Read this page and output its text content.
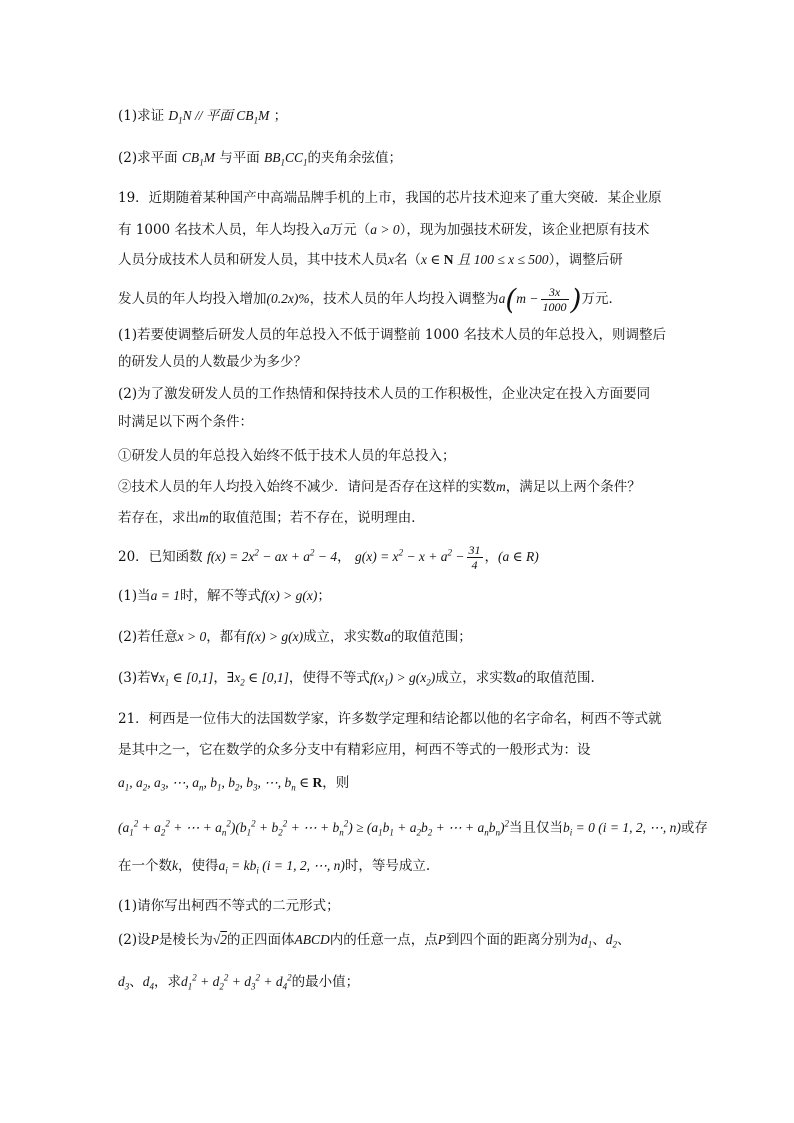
(1)求证 $D_1N$ // 平面 $CB_1M$ ；
(2)求平面 $CB_1M$ 与平面 $BB_1CC_1$的夹角余弦值；
19．近期随着某种国产中高端品牌手机的上市，我国的芯片技术迎来了重大突破．某企业原
有 1000 名技术人员，年人均投入a万元（a > 0），现为加强技术研发，该企业把原有技术
人员分成技术人员和研发人员，其中技术人员x名（x ∈ N 且 100 ≤ x ≤ 500），调整后研
发人员的年人均投入增加(0.2x)%，技术人员的年人均投入调整为$a(m - \frac{3x}{1000}$ )万元．
(1)若要使调整后研发人员的年总投入不低于调整前 1000 名技术人员的年总投入，则调整后
的研发人员的人数最少为多少？
(2)为了激发研发人员的工作热情和保持技术人员的工作积极性，企业决定在投入方面要同
时满足以下两个条件：
①研发人员的年总投入始终不低于技术人员的年总投入；
②技术人员的年人均投入始终不减少．请问是否存在这样的实数m，满足以上两个条件？
若存在，求出m的取值范围；若不存在，说明理由．
20．已知函数 $f(x) = 2x^2$ − ax + $a^2 - 4$， $g(x) = x^2 - x + a^2 - \frac{31}{4}$ ，(a ∈ R)
(1)当a = 1时，解不等式f(x) > g(x)；
(2)若任意x > 0，都有f(x) > g(x)成立，求实数a的取值范围；
(3)若$\forall x_1$ ∈ [0,1]，$\exists x_2$ ∈ [0,1]，使得不等式$f(x_1) > g(x_2)$成立，求实数a的取值范围.
21．柯西是一位伟大的法国数学家，许多数学定理和结论都以他的名字命名，柯西不等式就
是其中之一，它在数学的众多分支中有精彩应用，柯西不等式的一般形式为：设
$a_1$, $a_2$, $a_3$, ⋯, $a_n$, $b_1$, $b_2$, $b_3$, ⋯, $b_n$ ∈ R，则
($a_1^2 + a_2^2$ + ⋯ + $a_n^2)(b_1^2 + b_2^2$ + ⋯ + $b_n^2) \ge (a_1b_1 + a_2b_2$ + ⋯ + $a_nb_n)^2$当且仅当$b_i = 0$ (i = 1, 2, ⋯, n)或存
在一个数k，使得$a_i = kb_i$ (i = 1, 2, ⋯, n)时，等号成立.
(1)请你写出柯西不等式的二元形式；
(2)设P是棱长为√2的正四面体ABCD内的任意一点，点P到四个面的距离分别为$d_1$、$d_2$、
$d_3$、$d_4$，求$d_1^2 + d_2^2 + d_3^2 + d_4^2$的最小值；
